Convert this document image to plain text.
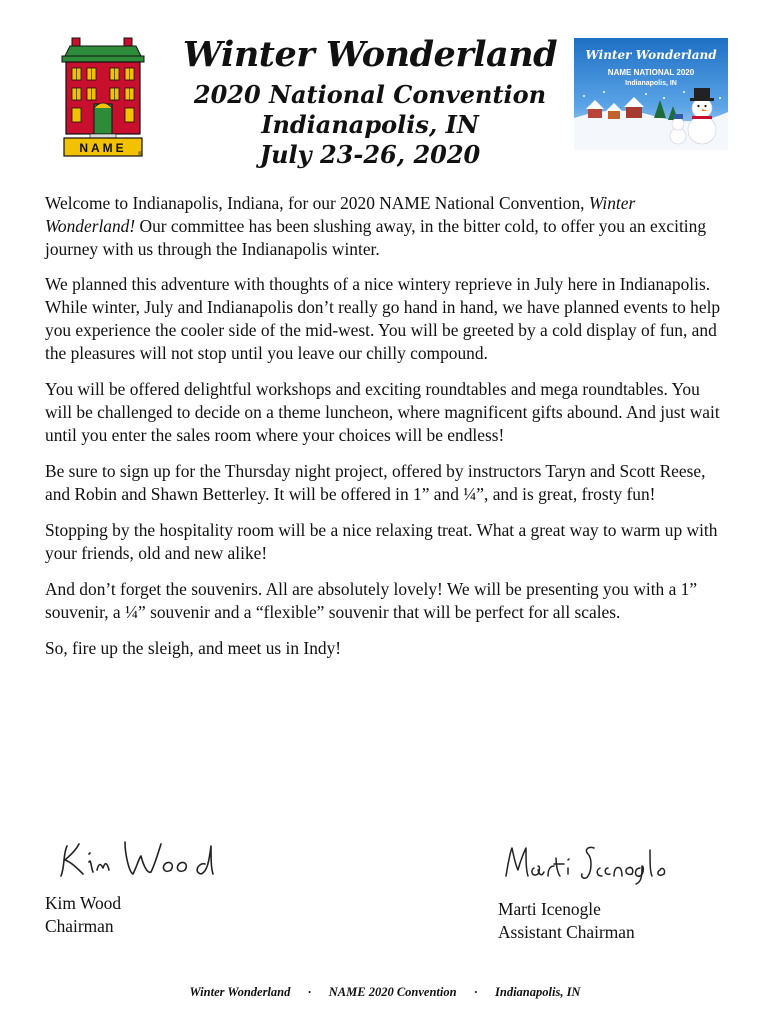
NAME ®
Winter Wonderland
2020 National Convention
Indianapolis, IN
July 23-26, 2020
Winter Wonderland
NAME NATIONAL 2020
Indianapolis, IN

Welcome to Indianapolis, Indiana, for our 2020 NAME National Convention, Winter Wonderland! Our committee has been slushing away, in the bitter cold, to offer you an exciting journey with us through the Indianapolis winter.

We planned this adventure with thoughts of a nice wintery reprieve in July here in Indianapolis. While winter, July and Indianapolis don’t really go hand in hand, we have planned events to help you experience the cooler side of the mid-west. You will be greeted by a cold display of fun, and the pleasures will not stop until you leave our chilly compound.

You will be offered delightful workshops and exciting roundtables and mega roundtables. You will be challenged to decide on a theme luncheon, where magnificent gifts abound. And just wait until you enter the sales room where your choices will be endless!

Be sure to sign up for the Thursday night project, offered by instructors Taryn and Scott Reese, and Robin and Shawn Betterley. It will be offered in 1” and ¼”, and is great, frosty fun!

Stopping by the hospitality room will be a nice relaxing treat. What a great way to warm up with your friends, old and new alike!

And don’t forget the souvenirs. All are absolutely lovely! We will be presenting you with a 1” souvenir, a ¼” souvenir and a “flexible” souvenir that will be perfect for all scales.

So, fire up the sleigh, and meet us in Indy!

Kim Wood
Chairman
Marti Icenogle
Assistant Chairman
Winter Wonderland · NAME 2020 Convention · Indianapolis, IN
